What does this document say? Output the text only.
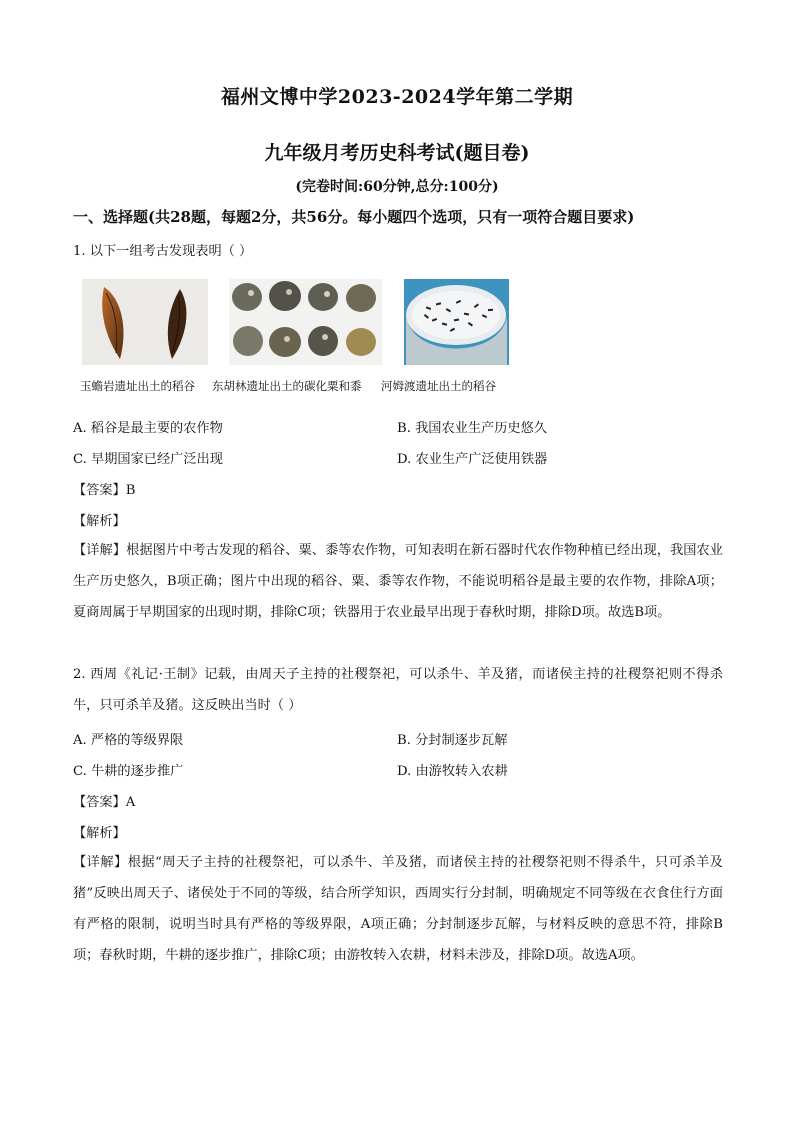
福州文博中学2023-2024学年第二学期
九年级月考历史科考试(题目卷)
(完卷时间:60分钟,总分:100分)
一、选择题(共28题，每题2分，共56分。每小题四个选项，只有一项符合题目要求)
1. 以下一组考古发现表明（ ）
玉蟾岩遗址出土的稻谷 东胡林遗址出土的碳化粟和黍 河姆渡遗址出土的稻谷
A. 稻谷是最主要的农作物	B. 我国农业生产历史悠久
C. 早期国家已经广泛出现	D. 农业生产广泛使用铁器
【答案】B
【解析】
【详解】根据图片中考古发现的稻谷、粟、黍等农作物，可知表明在新石器时代农作物种植已经出现，我国农业生产历史悠久，B项正确；图片中出现的稻谷、粟、黍等农作物，不能说明稻谷是最主要的农作物，排除A项；夏商周属于早期国家的出现时期，排除C项；铁器用于农业最早出现于春秋时期，排除D项。故选B项。
2. 西周《礼记·王制》记载，由周天子主持的社稷祭祀，可以杀牛、羊及猪，而诸侯主持的社稷祭祀则不得杀牛，只可杀羊及猪。这反映出当时（ ）
A. 严格的等级界限	B. 分封制逐步瓦解
C. 牛耕的逐步推广	D. 由游牧转入农耕
【答案】A
【解析】
【详解】根据“周天子主持的社稷祭祀，可以杀牛、羊及猪，而诸侯主持的社稷祭祀则不得杀牛，只可杀羊及猪”反映出周天子、诸侯处于不同的等级，结合所学知识，西周实行分封制，明确规定不同等级在衣食住行方面有严格的限制，说明当时具有严格的等级界限，A项正确；分封制逐步瓦解，与材料反映的意思不符，排除B项；春秋时期，牛耕的逐步推广，排除C项；由游牧转入农耕，材料未涉及，排除D项。故选A项。
